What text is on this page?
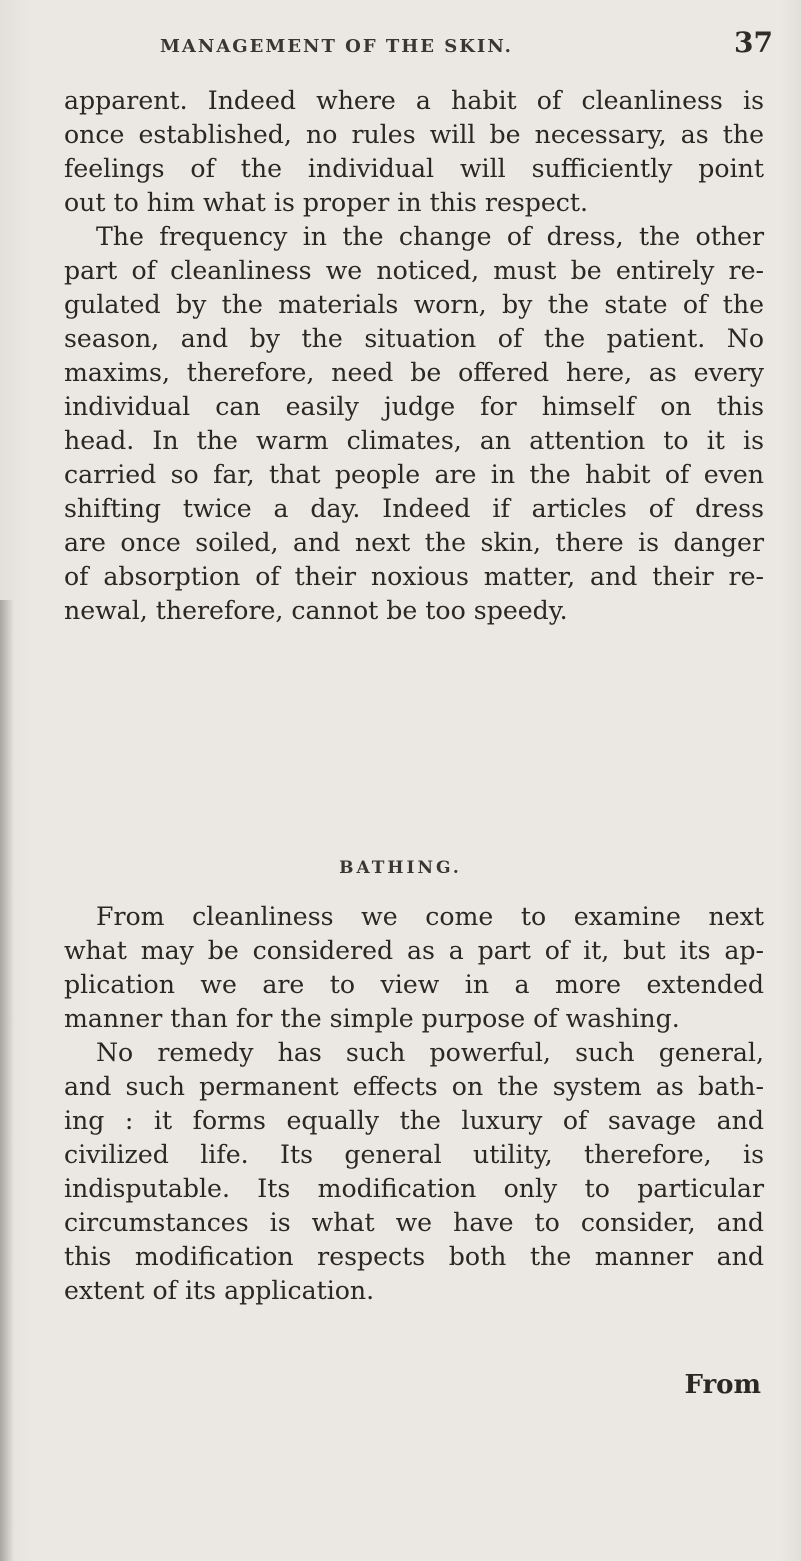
MANAGEMENT OF THE SKIN.	37
apparent. Indeed where a habit of cleanliness is
once established, no rules will be necessary, as the
feelings of the individual will sufficiently point
out to him what is proper in this respect.
The frequency in the change of dress, the other
part of cleanliness we noticed, must be entirely re-
gulated by the materials worn, by the state of the
season, and by the situation of the patient. No
maxims, therefore, need be offered here, as every
individual can easily judge for himself on this
head. In the warm climates, an attention to it is
carried so far, that people are in the habit of even
shifting twice a day. Indeed if articles of dress
are once soiled, and next the skin, there is danger
of absorption of their noxious matter, and their re-
newal, therefore, cannot be too speedy.
BATHING.
From cleanliness we come to examine next
what may be considered as a part of it, but its ap-
plication we are to view in a more extended
manner than for the simple purpose of washing.
No remedy has such powerful, such general,
and such permanent effects on the system as bath-
ing : it forms equally the luxury of savage and
civilized life. Its general utility, therefore, is
indisputable. Its modification only to particular
circumstances is what we have to consider, and
this modification respects both the manner and
extent of its application.
From
